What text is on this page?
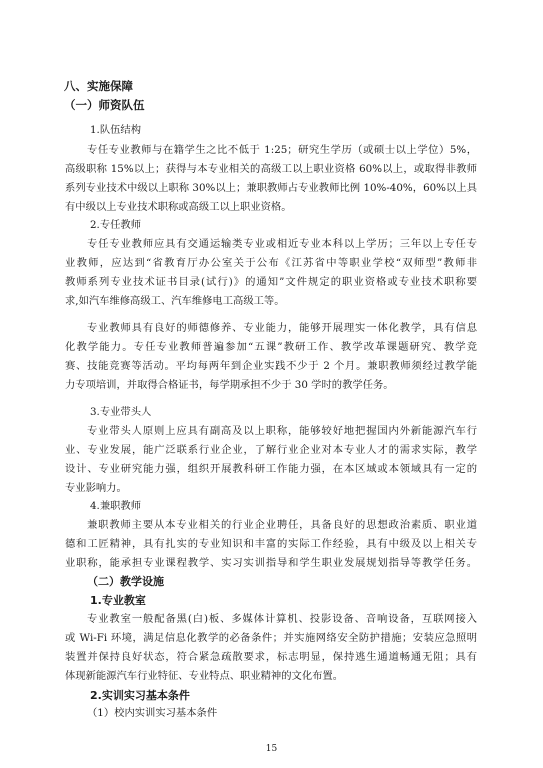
八、实施保障
（一）师资队伍
1.队伍结构
专任专业教师与在籍学生之比不低于 1:25；研究生学历（或硕士以上学位）5%，
高级职称 15%以上；获得与本专业相关的高级工以上职业资格 60%以上，或取得非教师
系列专业技术中级以上职称 30%以上；兼职教师占专业教师比例 10%-40%，60%以上具
有中级以上专业技术职称或高级工以上职业资格。
2.专任教师
专任专业教师应具有交通运输类专业或相近专业本科以上学历；三年以上专任专
业教师，应达到“省教育厅办公室关于公布《江苏省中等职业学校“双师型”教师非
教师系列专业技术证书目录(试行)》的通知”文件规定的职业资格或专业技术职称要
求,如汽车维修高级工、汽车维修电工高级工等。
专业教师具有良好的师德修养、专业能力，能够开展理实一体化教学，具有信息
化教学能力。专任专业教师普遍参加“五课”教研工作、教学改革课题研究、教学竞
赛、技能竞赛等活动。平均每两年到企业实践不少于 2 个月。兼职教师须经过教学能
力专项培训，并取得合格证书，每学期承担不少于 30 学时的教学任务。
3.专业带头人
专业带头人原则上应具有副高及以上职称，能够较好地把握国内外新能源汽车行
业、专业发展，能广泛联系行业企业，了解行业企业对本专业人才的需求实际，教学
设计、专业研究能力强，组织开展教科研工作能力强，在本区域或本领域具有一定的
专业影响力。
4.兼职教师
兼职教师主要从本专业相关的行业企业聘任，具备良好的思想政治素质、职业道
德和工匠精神，具有扎实的专业知识和丰富的实际工作经验，具有中级及以上相关专
业职称，能承担专业课程教学、实习实训指导和学生职业发展规划指导等教学任务。
（二）教学设施
1.专业教室
专业教室一般配备黑(白)板、多媒体计算机、投影设备、音响设备，互联网接入
或 Wi-Fi 环境，满足信息化教学的必备条件；并实施网络安全防护措施；安装应急照明
装置并保持良好状态，符合紧急疏散要求，标志明显，保持逃生通道畅通无阻；具有
体现新能源汽车行业特征、专业特点、职业精神的文化布置。
2.实训实习基本条件
（1）校内实训实习基本条件
15
